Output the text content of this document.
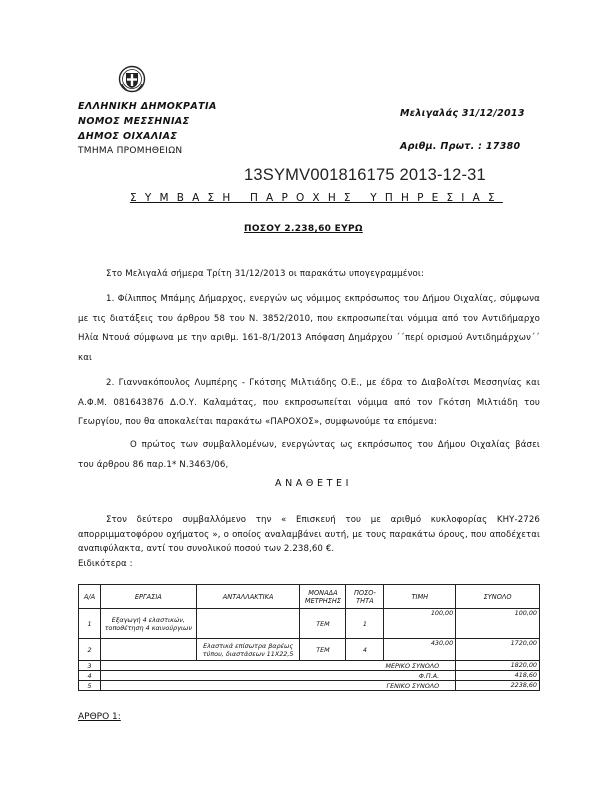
ΕΛΛΗΝΙΚΗ ΔΗΜΟΚΡΑΤΙΑ
ΝΟΜΟΣ ΜΕΣΣΗΝΙΑΣ
ΔΗΜΟΣ ΟΙΧΑΛΙΑΣ
ΤΜΗΜΑ ΠΡΟΜΗΘΕΙΩΝ
Μελιγαλάς 31/12/2013
Αριθμ. Πρωτ. : 17380
13SYMV001816175 2013-12-31
ΣΥΜΒΑΣΗ ΠΑΡΟΧΗΣ ΥΠΗΡΕΣΙΑΣ
ΠΟΣΟΥ 2.238,60 ΕΥΡΩ
Στο Μελιγαλά σήμερα Τρίτη 31/12/2013 οι παρακάτω υπογεγραμμένοι:
1. Φίλιππος Μπάμης Δήμαρχος, ενεργών ως νόμιμος εκπρόσωπος του Δήμου Οιχαλίας, σύμφωνα με τις διατάξεις του άρθρου 58 του Ν. 3852/2010, που εκπροσωπείται νόμιμα από τον Αντιδήμαρχο Ηλία Ντουά σύμφωνα με την αριθμ. 161-8/1/2013 Απόφαση Δημάρχου ΄΄περί ορισμού Αντιδημάρχων΄΄ και
2. Γιαννακόπουλος Λυμπέρης - Γκότσης Μιλτιάδης Ο.Ε., με έδρα το Διαβολίτσι Μεσσηνίας και Α.Φ.Μ. 081643876 Δ.Ο.Υ. Καλαμάτας, που εκπροσωπείται νόμιμα από τον Γκότση Μιλτιάδη του Γεωργίου, που θα αποκαλείται παρακάτω «ΠΑΡΟΧΟΣ», συμφωνούμε τα επόμενα:
Ο πρώτος των συμβαλλομένων, ενεργώντας ως εκπρόσωπος του Δήμου Οιχαλίας βάσει του άρθρου 86 παρ.1* Ν.3463/06,
ΑΝΑΘΕΤΕΙ
Στον δεύτερο συμβαλλόμενο την « Επισκευή του με αριθμό κυκλοφορίας ΚΗΥ-2726 απορριμματοφόρου οχήματος », ο οποίος αναλαμβάνει αυτή, με τους παρακάτω όρους, που αποδέχεται αναπιφύλακτα, αντί του συνολικού ποσού των 2.238,60 €.
Ειδικότερα :
Α/Α	ΕΡΓΑΣΙΑ	ΑΝΤΑΛΛΑΚΤΙΚΑ	ΜΟΝΑΔΑ ΜΕΤΡΗΣΗΣ	ΠΟΣΟ-ΤΗΤΑ	ΤΙΜΗ	ΣΥΝΟΛΟ
1	Εξαγωγή 4 ελαστικών, τοποθέτηση 4 καινούργιων		ΤΕΜ	1	100,00	100,00
2		Ελαστικά επίσωτρα βαρέως τύπου, διαστάσεων 11Χ22,5	ΤΕΜ	4	430,00	1720,00
3	ΜΕΡΙΚΟ ΣΥΝΟΛΟ					1820,00
4	Φ.Π.Α.					418,60
5	ΓΕΝΙΚΟ ΣΥΝΟΛΟ					2238,60
ΑΡΘΡΟ 1:
